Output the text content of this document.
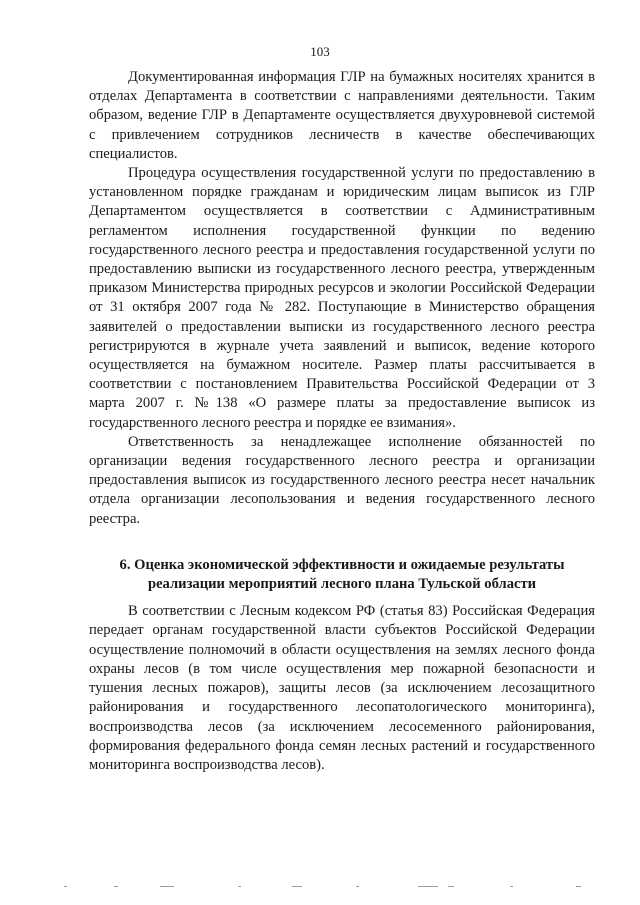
103

Документированная информация ГЛР на бумажных носителях хранится в отделах Департамента в соответствии с направлениями деятельности. Таким образом, ведение ГЛР в Департаменте осуществляется двухуровневой системой с привлечением сотрудников лесничеств в качестве обеспечивающих специалистов.

Процедура осуществления государственной услуги по предоставлению в установленном порядке гражданам и юридическим лицам выписок из ГЛР Департаментом осуществляется в соответствии с Административным регламентом исполнения государственной функции по ведению государственного лесного реестра и предоставления государственной услуги по предоставлению выписки из государственного лесного реестра, утвержденным приказом Министерства природных ресурсов и экологии Российской Федерации от 31 октября 2007 года № 282. Поступающие в Министерство обращения заявителей о предоставлении выписки из государственного лесного реестра регистрируются в журнале учета заявлений и выписок, ведение которого осуществляется на бумажном носителе. Размер платы рассчитывается в соответствии с постановлением Правительства Российской Федерации от 3 марта 2007 г. №138 «О размере платы за предоставление выписок из государственного лесного реестра и порядке ее взимания».

Ответственность за ненадлежащее исполнение обязанностей по организации ведения государственного лесного реестра и организации предоставления выписок из государственного лесного реестра несет начальник отдела организации лесопользования и ведения государственного лесного реестра.

6. Оценка экономической эффективности и ожидаемые результаты
реализации мероприятий лесного плана Тульской области

В соответствии с Лесным кодексом РФ (статья 83) Российская Федерация передает органам государственной власти субъектов Российской Федерации осуществление полномочий в области осуществления на землях лесного фонда охраны лесов (в том числе осуществления мер пожарной безопасности и тушения лесных пожаров), защиты лесов (за исключением лесозащитного районирования и государственного лесопатологического мониторинга), воспроизводства лесов (за исключением лесосеменного районирования, формирования федерального фонда семян лесных растений и государственного мониторинга воспроизводства лесов).
